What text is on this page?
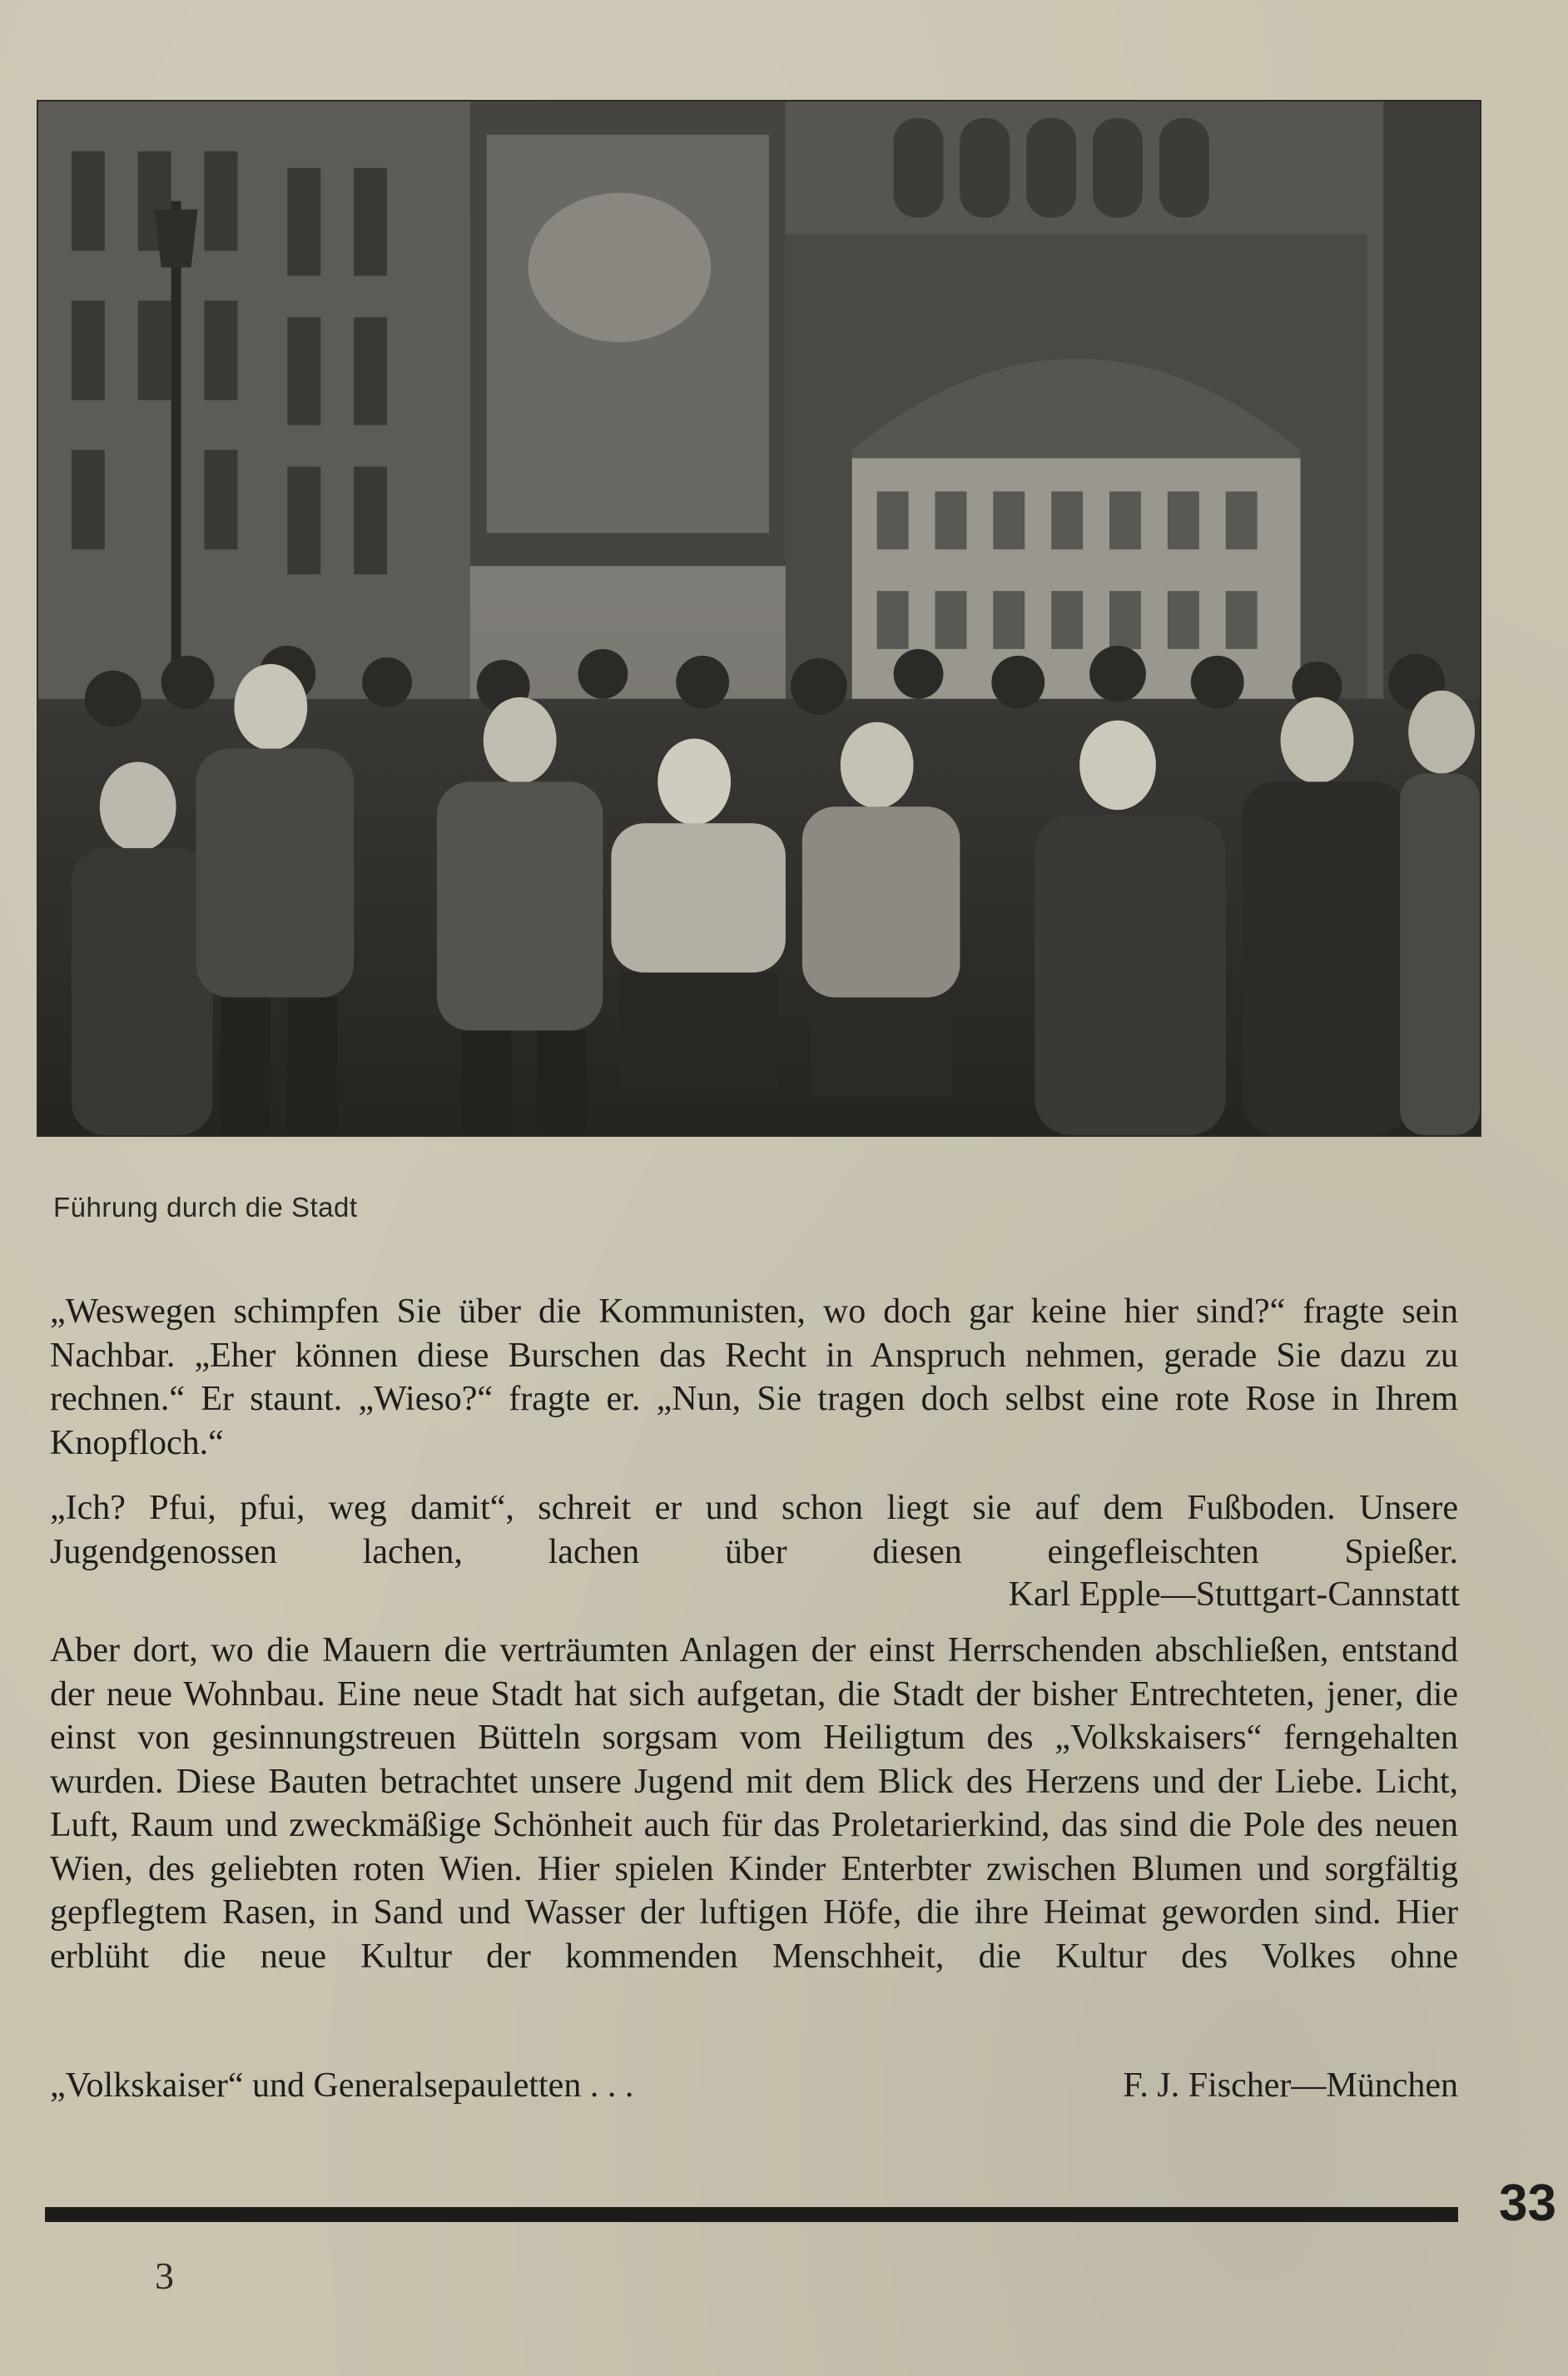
Führung durch die Stadt

„Weswegen schimpfen Sie über die Kommunisten, wo doch gar keine hier sind?“ fragte sein Nachbar. „Eher können diese Burschen das Recht in Anspruch nehmen, gerade Sie dazu zu rechnen.“ Er staunt. „Wieso?“ fragte er. „Nun, Sie tragen doch selbst eine rote Rose in Ihrem Knopfloch.“

„Ich? Pfui, pfui, weg damit“, schreit er und schon liegt sie auf dem Fußboden. Unsere Jugendgenossen lachen, lachen über diesen eingefleischten Spießer.

Karl Epple—Stuttgart-Cannstatt

Aber dort, wo die Mauern die verträumten Anlagen der einst Herrschenden abschließen, entstand der neue Wohnbau. Eine neue Stadt hat sich aufgetan, die Stadt der bisher Entrechteten, jener, die einst von gesinnungstreuen Bütteln sorgsam vom Heiligtum des „Volkskaisers“ ferngehalten wurden. Diese Bauten betrachtet unsere Jugend mit dem Blick des Herzens und der Liebe. Licht, Luft, Raum und zweckmäßige Schönheit auch für das Proletarierkind, das sind die Pole des neuen Wien, des geliebten roten Wien. Hier spielen Kinder Enterbter zwischen Blumen und sorgfältig gepflegtem Rasen, in Sand und Wasser der luftigen Höfe, die ihre Heimat geworden sind. Hier erblüht die neue Kultur der kommenden Menschheit, die Kultur des Volkes ohne

„Volkskaiser“ und Generalsepauletten . . .	F. J. Fischer—München
33
3
